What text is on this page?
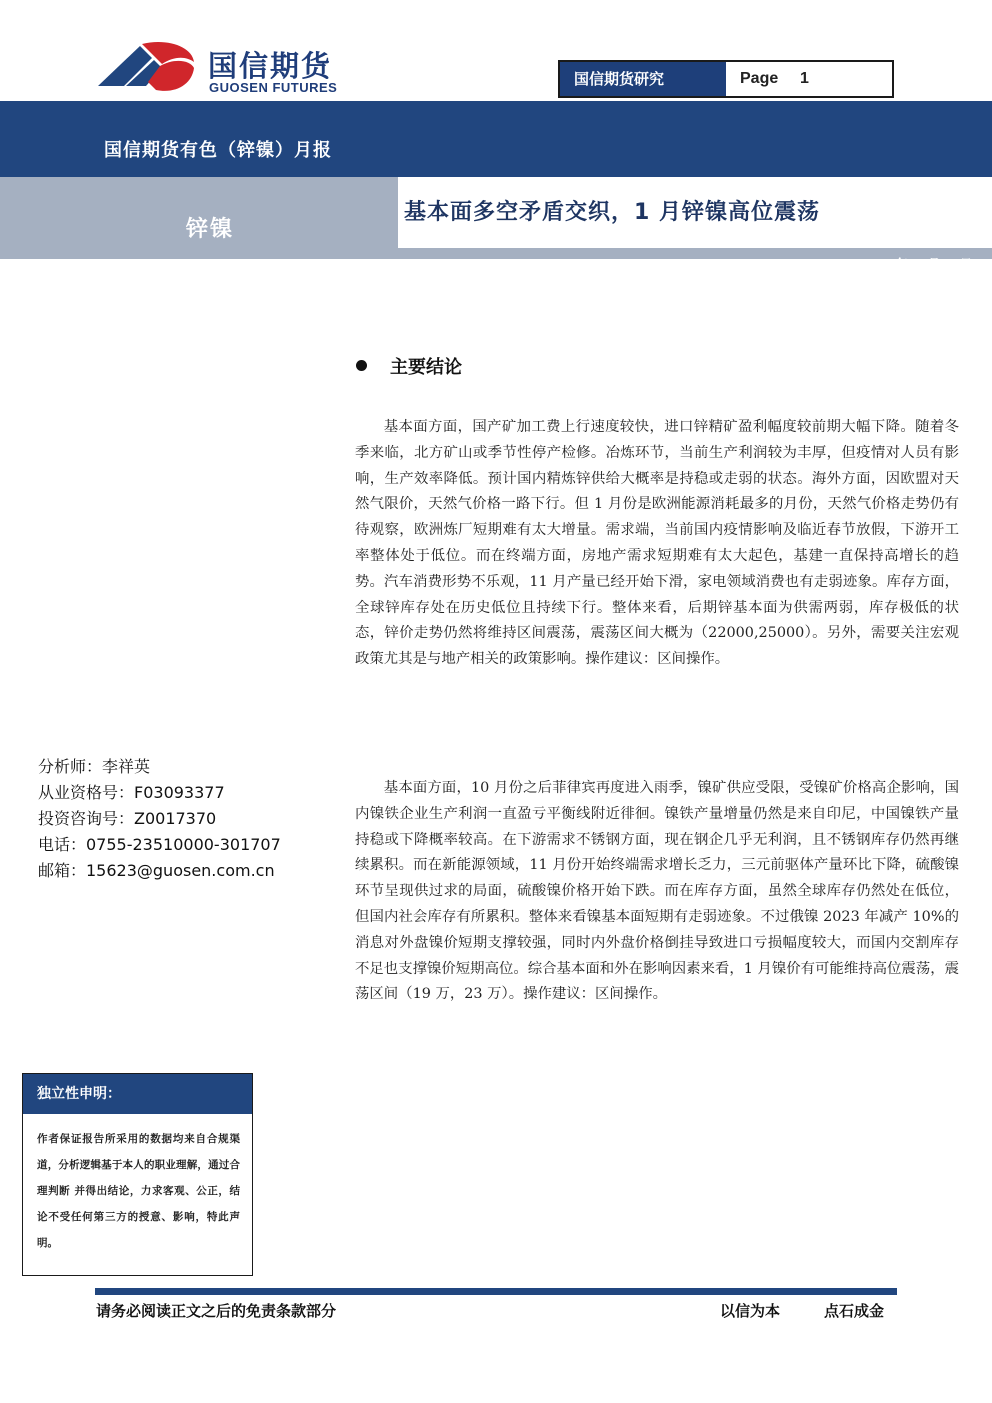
国信期货
GUOSEN FUTURES	国信期货研究	Page 1
国信期货有色（锌镍）月报
基本面多空矛盾交织，1 月锌镍高位震荡
锌镍
2022 年 12 月 25 日
主要结论

基本面方面，国产矿加工费上行速度较快，进口锌精矿盈利幅度较前期大幅下降。随着冬季来临，北方矿山或季节性停产检修。冶炼环节，当前生产利润较为丰厚，但疫情对人员有影响，生产效率降低。预计国内精炼锌供给大概率是持稳或走弱的状态。海外方面，因欧盟对天然气限价，天然气价格一路下行。但 1 月份是欧洲能源消耗最多的月份，天然气价格走势仍有待观察，欧洲炼厂短期难有太大增量。需求端，当前国内疫情影响及临近春节放假，下游开工率整体处于低位。而在终端方面，房地产需求短期难有太大起色，基建一直保持高增长的趋势。汽车消费形势不乐观，11 月产量已经开始下滑，家电领域消费也有走弱迹象。库存方面，全球锌库存处在历史低位且持续下行。整体来看，后期锌基本面为供需两弱，库存极低的状态，锌价走势仍然将维持区间震荡，震荡区间大概为（22000,25000）。另外，需要关注宏观政策尤其是与地产相关的政策影响。操作建议：区间操作。

基本面方面，10 月份之后菲律宾再度进入雨季，镍矿供应受限，受镍矿价格高企影响，国内镍铁企业生产利润一直盈亏平衡线附近徘徊。镍铁产量增量仍然是来自印尼，中国镍铁产量持稳或下降概率较高。在下游需求不锈钢方面，现在钢企几乎无利润，且不锈钢库存仍然再继续累积。而在新能源领域，11 月份开始终端需求增长乏力，三元前驱体产量环比下降，硫酸镍环节呈现供过求的局面，硫酸镍价格开始下跌。而在库存方面，虽然全球库存仍然处在低位，但国内社会库存有所累积。整体来看镍基本面短期有走弱迹象。不过俄镍 2023 年减产 10%的消息对外盘镍价短期支撑较强，同时内外盘价格倒挂导致进口亏损幅度较大，而国内交割库存不足也支撑镍价短期高位。综合基本面和外在影响因素来看，1 月镍价有可能维持高位震荡，震荡区间（19 万，23 万）。操作建议：区间操作。

分析师：李祥英
从业资格号：F03093377
投资咨询号：Z0017370
电话：0755-23510000-301707
邮箱：15623@guosen.com.cn
独立性申明：
作者保证报告所采用的数据均来自合规渠道，分析逻辑基于本人的职业理解，通过合理判断 并得出结论，力求客观、公正，结论不受任何第三方的授意、影响，特此声明。
请务必阅读正文之后的免责条款部分	以信为本	点石成金
